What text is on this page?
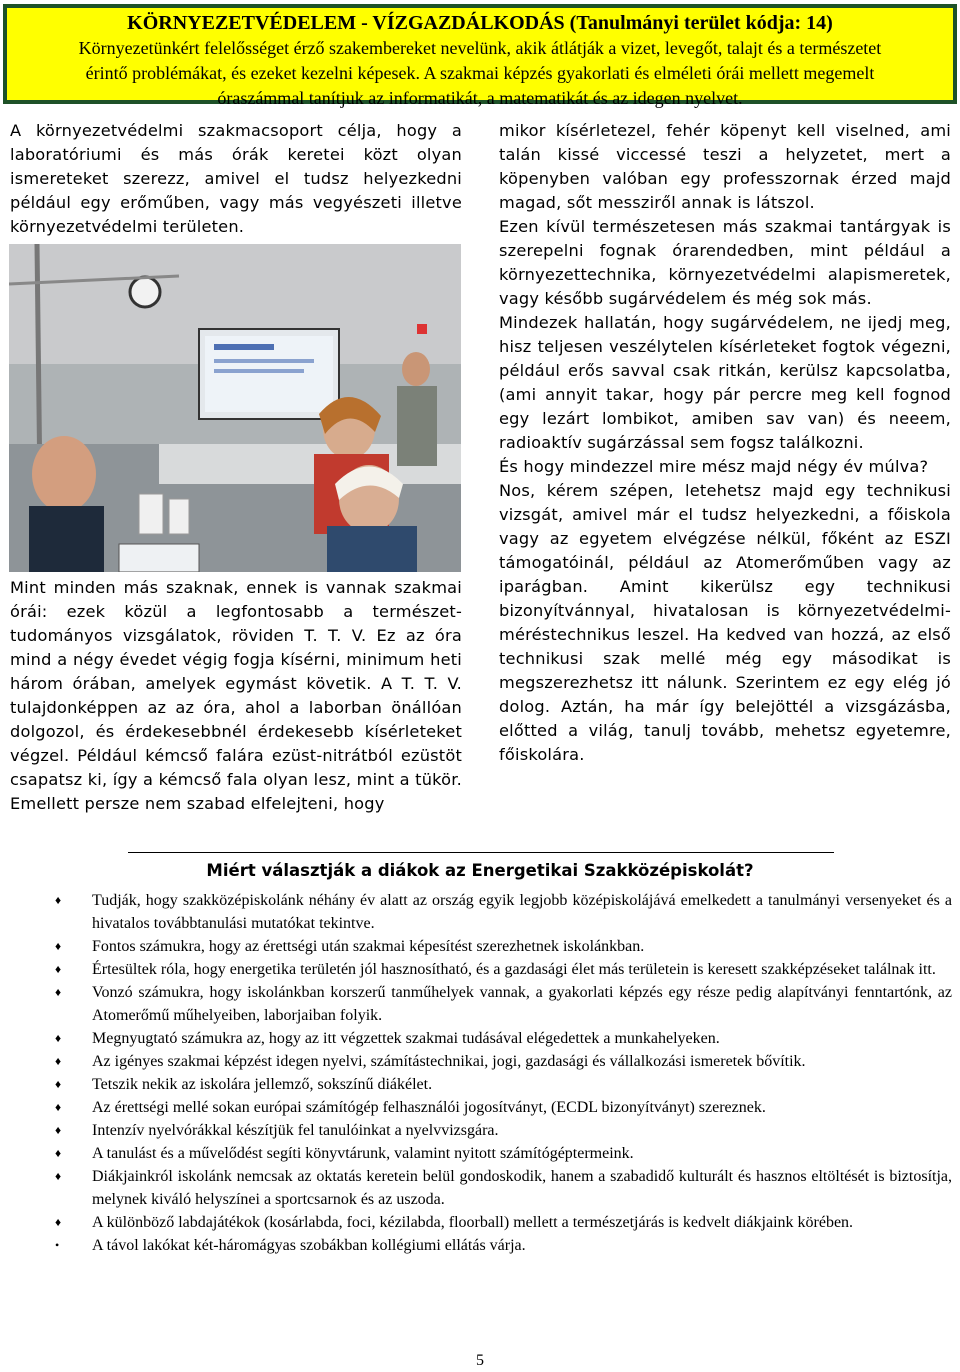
KÖRNYEZETVÉDELEM - VÍZGAZDÁLKODÁS (Tanulmányi terület kódja: 14)
Környezetünkért felelősséget érző szakembereket nevelünk, akik átlátják a vizet, levegőt, talajt és a természetet
érintő problémákat, és ezeket kezelni képesek. A szakmai képzés gyakorlati és elméleti órái mellett megemelt
óraszámmal tanítjuk az informatikát, a matematikát és az idegen nyelvet.

A környezetvédelmi szakmacsoport célja, hogy a laboratóriumi és más órák keretei közt olyan ismereteket szerezz, amivel el tudsz helyezkedni például egy erőműben, vagy más vegyészeti illetve környezetvédelmi területen.

Mint minden más szaknak, ennek is vannak szakmai órái: ezek közül a legfontosabb a természet-tudományos vizsgálatok, röviden T. T. V. Ez az óra mind a négy évedet végig fogja kísérni, minimum heti három órában, amelyek egymást követik. A T. T. V. tulajdonképpen az az óra, ahol a laborban önállóan dolgozol, és érdekesebbnél érdekesebb kísérleteket végzel. Például kémcső falára ezüst-nitrátból ezüstöt csapatsz ki, így a kémcső fala olyan lesz, mint a tükör. Emellett persze nem szabad elfelejteni, hogy

mikor kísérletezel, fehér köpenyt kell viselned, ami talán kissé viccessé teszi a helyzetet, mert a köpenyben valóban egy professzornak érzed majd magad, sőt messziről annak is látszol.

Ezen kívül természetesen más szakmai tantárgyak is szerepelni fognak órarendedben, mint például a környezettechnika, környezetvédelmi alapismeretek, vagy később sugárvédelem és még sok más.

Mindezek hallatán, hogy sugárvédelem, ne ijedj meg, hisz teljesen veszélytelen kísérleteket fogtok végezni, például erős savval csak ritkán, kerülsz kapcsolatba, (ami annyit takar, hogy pár percre meg kell fognod egy lezárt lombikot, amiben sav van) és neeem, radioaktív sugárzással sem fogsz találkozni.

És hogy mindezzel mire mész majd négy év múlva?

Nos, kérem szépen, letehetsz majd egy technikusi vizsgát, amivel már el tudsz helyezkedni, a főiskola vagy az egyetem elvégzése nélkül, főként az ESZI támogatóinál, például az Atomerőműben vagy az iparágban. Amint kikerülsz egy technikusi bizonyítvánnyal, hivatalosan is környezetvédelmi-méréstechnikus leszel. Ha kedved van hozzá, az első technikusi szak mellé még egy másodikat is megszerezhetsz itt nálunk. Szerintem ez egy elég jó dolog. Aztán, ha már így belejöttél a vizsgázásba, előtted a világ, tanulj tovább, mehetsz egyetemre, főiskolára.

Miért választják a diákok az Energetikai Szakközépiskolát?
♦ Tudják, hogy szakközépiskolánk néhány év alatt az ország egyik legjobb középiskolájává emelkedett a tanulmányi versenyeket és a hivatalos továbbtanulási mutatókat tekintve.
♦ Fontos számukra, hogy az érettségi után szakmai képesítést szerezhetnek iskolánkban.
♦ Értesültek róla, hogy energetika területén jól hasznosítható, és a gazdasági élet más területein is keresett szakképzéseket találnak itt.
♦ Vonzó számukra, hogy iskolánkban korszerű tanműhelyek vannak, a gyakorlati képzés egy része pedig alapítványi fenntartónk, az Atomerőmű műhelyeiben, laborjaiban folyik.
♦ Megnyugtató számukra az, hogy az itt végzettek szakmai tudásával elégedettek a munkahelyeken.
♦ Az igényes szakmai képzést idegen nyelvi, számítástechnikai, jogi, gazdasági és vállalkozási ismeretek bővítik.
♦ Tetszik nekik az iskolára jellemző, sokszínű diákélet.
♦ Az érettségi mellé sokan európai számítógép felhasználói jogosítványt, (ECDL bizonyítványt) szereznek.
♦ Intenzív nyelvórákkal készítjük fel tanulóinkat a nyelvvizsgára.
♦ A tanulást és a művelődést segíti könyvtárunk, valamint nyitott számítógéptermeink.
♦ Diákjainkról iskolánk nemcsak az oktatás keretein belül gondoskodik, hanem a szabadidő kulturált és hasznos eltöltését is biztosítja, melynek kiváló helyszínei a sportcsarnok és az uszoda.
♦ A különböző labdajátékok (kosárlabda, foci, kézilabda, floorball) mellett a természetjárás is kedvelt diákjaink körében.
• A távol lakókat két-háromágyas szobákban kollégiumi ellátás várja.
5
